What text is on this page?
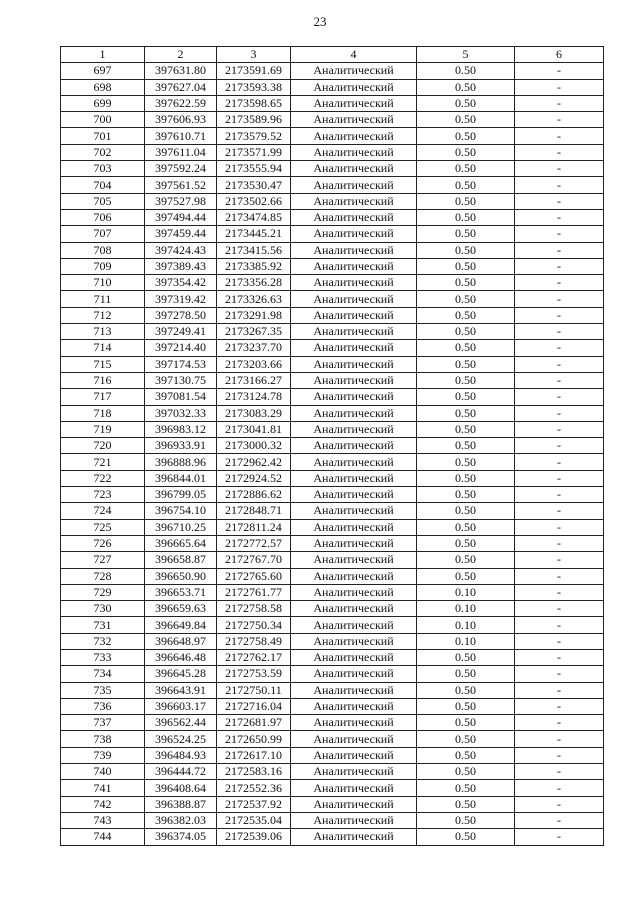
23
1	2	3	4	5	6
697	397631.80	2173591.69	Аналитический	0.50	-
698	397627.04	2173593.38	Аналитический	0.50	-
699	397622.59	2173598.65	Аналитический	0.50	-
700	397606.93	2173589.96	Аналитический	0.50	-
701	397610.71	2173579.52	Аналитический	0.50	-
702	397611.04	2173571.99	Аналитический	0.50	-
703	397592.24	2173555.94	Аналитический	0.50	-
704	397561.52	2173530.47	Аналитический	0.50	-
705	397527.98	2173502.66	Аналитический	0.50	-
706	397494.44	2173474.85	Аналитический	0.50	-
707	397459.44	2173445.21	Аналитический	0.50	-
708	397424.43	2173415.56	Аналитический	0.50	-
709	397389.43	2173385.92	Аналитический	0.50	-
710	397354.42	2173356.28	Аналитический	0.50	-
711	397319.42	2173326.63	Аналитический	0.50	-
712	397278.50	2173291.98	Аналитический	0.50	-
713	397249.41	2173267.35	Аналитический	0.50	-
714	397214.40	2173237.70	Аналитический	0.50	-
715	397174.53	2173203.66	Аналитический	0.50	-
716	397130.75	2173166.27	Аналитический	0.50	-
717	397081.54	2173124.78	Аналитический	0.50	-
718	397032.33	2173083.29	Аналитический	0.50	-
719	396983.12	2173041.81	Аналитический	0.50	-
720	396933.91	2173000.32	Аналитический	0.50	-
721	396888.96	2172962.42	Аналитический	0.50	-
722	396844.01	2172924.52	Аналитический	0.50	-
723	396799.05	2172886.62	Аналитический	0.50	-
724	396754.10	2172848.71	Аналитический	0.50	-
725	396710.25	2172811.24	Аналитический	0.50	-
726	396665.64	2172772.57	Аналитический	0.50	-
727	396658.87	2172767.70	Аналитический	0.50	-
728	396650.90	2172765.60	Аналитический	0.50	-
729	396653.71	2172761.77	Аналитический	0.10	-
730	396659.63	2172758.58	Аналитический	0.10	-
731	396649.84	2172750.34	Аналитический	0.10	-
732	396648.97	2172758.49	Аналитический	0.10	-
733	396646.48	2172762.17	Аналитический	0.50	-
734	396645.28	2172753.59	Аналитический	0.50	-
735	396643.91	2172750.11	Аналитический	0.50	-
736	396603.17	2172716.04	Аналитический	0.50	-
737	396562.44	2172681.97	Аналитический	0.50	-
738	396524.25	2172650.99	Аналитический	0.50	-
739	396484.93	2172617.10	Аналитический	0.50	-
740	396444.72	2172583.16	Аналитический	0.50	-
741	396408.64	2172552.36	Аналитический	0.50	-
742	396388.87	2172537.92	Аналитический	0.50	-
743	396382.03	2172535.04	Аналитический	0.50	-
744	396374.05	2172539.06	Аналитический	0.50	-
